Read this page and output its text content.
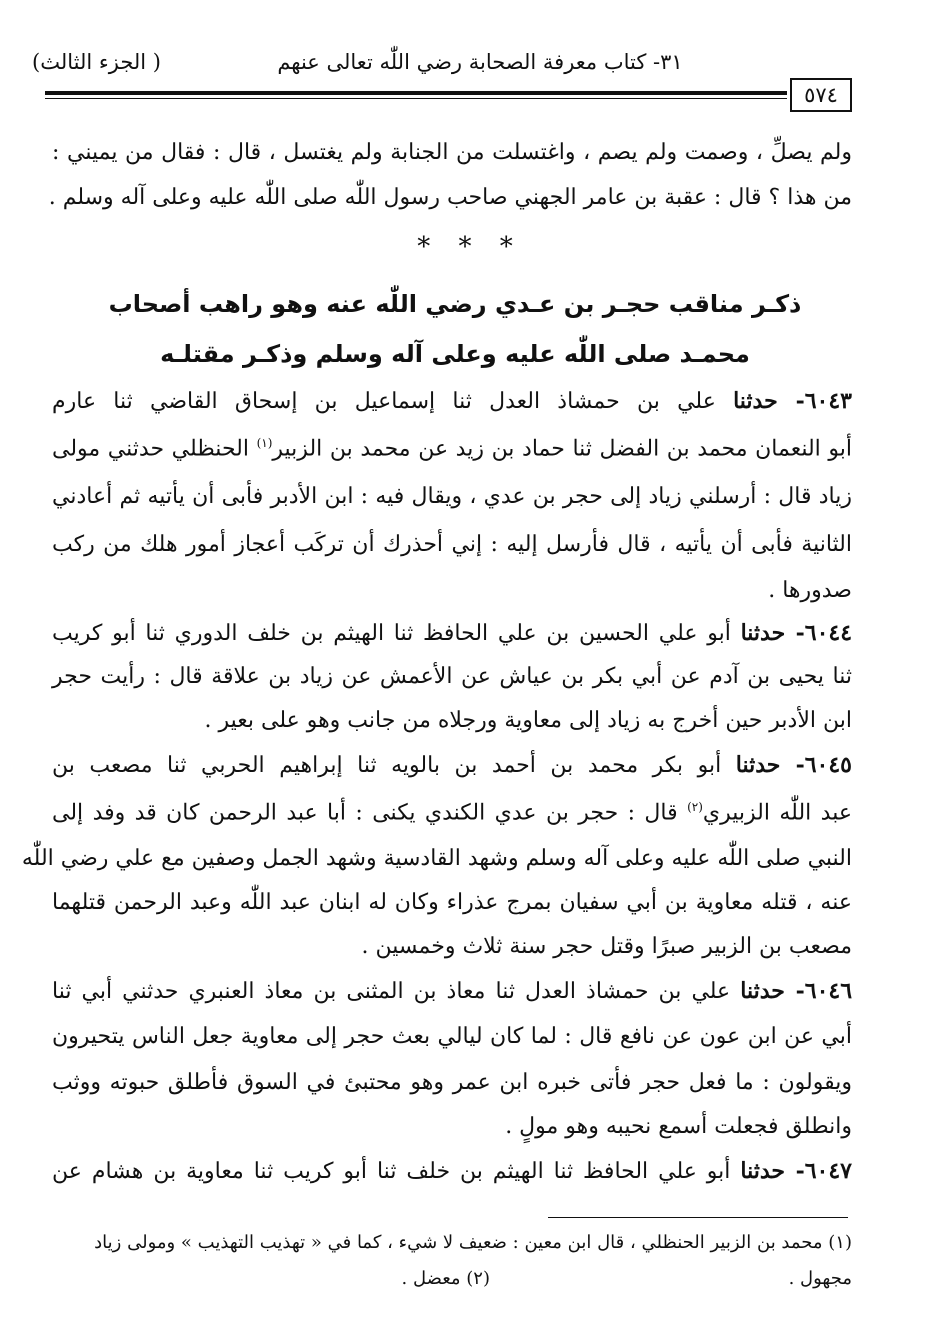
٣١- كتاب معرفة الصحابة رضي اللّٰه تعالى عنهم
( الجزء الثالث)
٥٧٤
ولم يصلِّ ، وصمت ولم يصم ، واغتسلت من الجنابة ولم يغتسل ، قال : فقال من يميني :
من هذا ؟ قال : عقبة بن عامر الجهني صاحب رسول اللّٰه صلى اللّٰه عليه وعلى آله وسلم .
* * *
ذكـر مناقب حجـر بن عـدي رضي اللّٰه عنه وهو راهب أصحاب
محمـد صلى اللّٰه عليه وعلى آله وسلم وذكـر مقتلـه
٦٠٤٣- حدثنا علي بن حمشاذ العدل ثنا إسماعيل بن إسحاق القاضي ثنا عارم
أبو النعمان محمد بن الفضل ثنا حماد بن زيد عن محمد بن الزبير$^{(١)}$ الحنظلي حدثني مولى
زياد قال : أرسلني زياد إلى حجر بن عدي ، ويقال فيه : ابن الأدبر فأبى أن يأتيه ثم أعادني
الثانية فأبى أن يأتيه ، قال فأرسل إليه : إني أحذرك أن تركَب أعجاز أمور هلك من ركب
صدورها .
٦٠٤٤- حدثنا أبو علي الحسين بن علي الحافظ ثنا الهيثم بن خلف الدوري ثنا أبو كريب
ثنا يحيى بن آدم عن أبي بكر بن عياش عن الأعمش عن زياد بن علاقة قال : رأيت حجر
ابن الأدبر حين أخرج به زياد إلى معاوية ورجلاه من جانب وهو على بعير .
٦٠٤٥- حدثنا أبو بكر محمد بن أحمد بن بالويه ثنا إبراهيم الحربي ثنا مصعب بن
عبد اللّٰه الزبيري$^{(٢)}$ قال : حجر بن عدي الكندي يكنى : أبا عبد الرحمن كان قد وفد إلى
النبي صلى اللّٰه عليه وعلى آله وسلم وشهد القادسية وشهد الجمل وصفين مع علي رضي اللّٰه
عنه ، قتله معاوية بن أبي سفيان بمرج عذراء وكان له ابنان عبد اللّٰه وعبد الرحمن قتلهما
مصعب بن الزبير صبرًا وقتل حجر سنة ثلاث وخمسين .
٦٠٤٦- حدثنا علي بن حمشاذ العدل ثنا معاذ بن المثنى بن معاذ العنبري حدثني أبي ثنا
أبي عن ابن عون عن نافع قال : لما كان ليالي بعث حجر إلى معاوية جعل الناس يتحيرون
ويقولون : ما فعل حجر فأتى خبره ابن عمر وهو محتبئ في السوق فأطلق حبوته ووثب
وانطلق فجعلت أسمع نحيبه وهو مولٍ .
٦٠٤٧- حدثنا أبو علي الحافظ ثنا الهيثم بن خلف ثنا أبو كريب ثنا معاوية بن هشام عن
(١) محمد بن الزبير الحنظلي ، قال ابن معين : ضعيف لا شيء ، كما في « تهذيب التهذيب » ومولى زياد
مجهول .
(٢) معضل .
